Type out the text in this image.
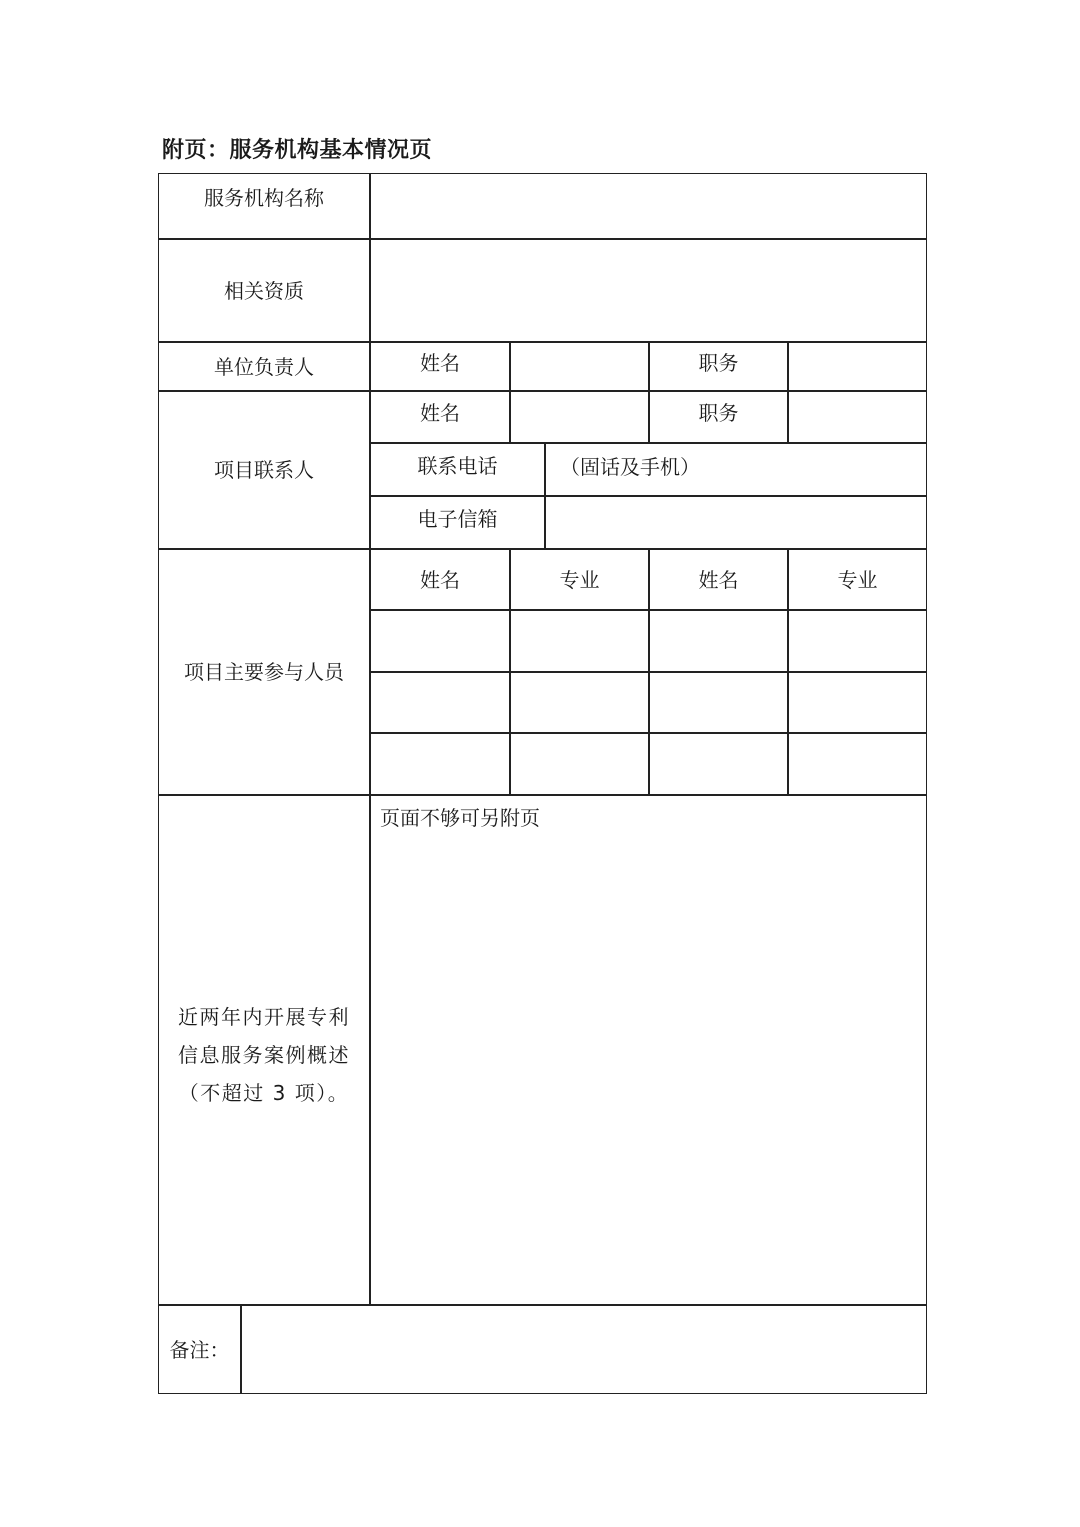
附页：服务机构基本情况页
服务机构名称
相关资质
单位负责人	姓名	职务
项目联系人
姓名	职务
联系电话	（固话及手机）
电子信箱
项目主要参与人员
姓名	专业	姓名	专业
近两年内开展专利
信息服务案例概述
（不超过 3 项）。
页面不够可另附页
备注：
